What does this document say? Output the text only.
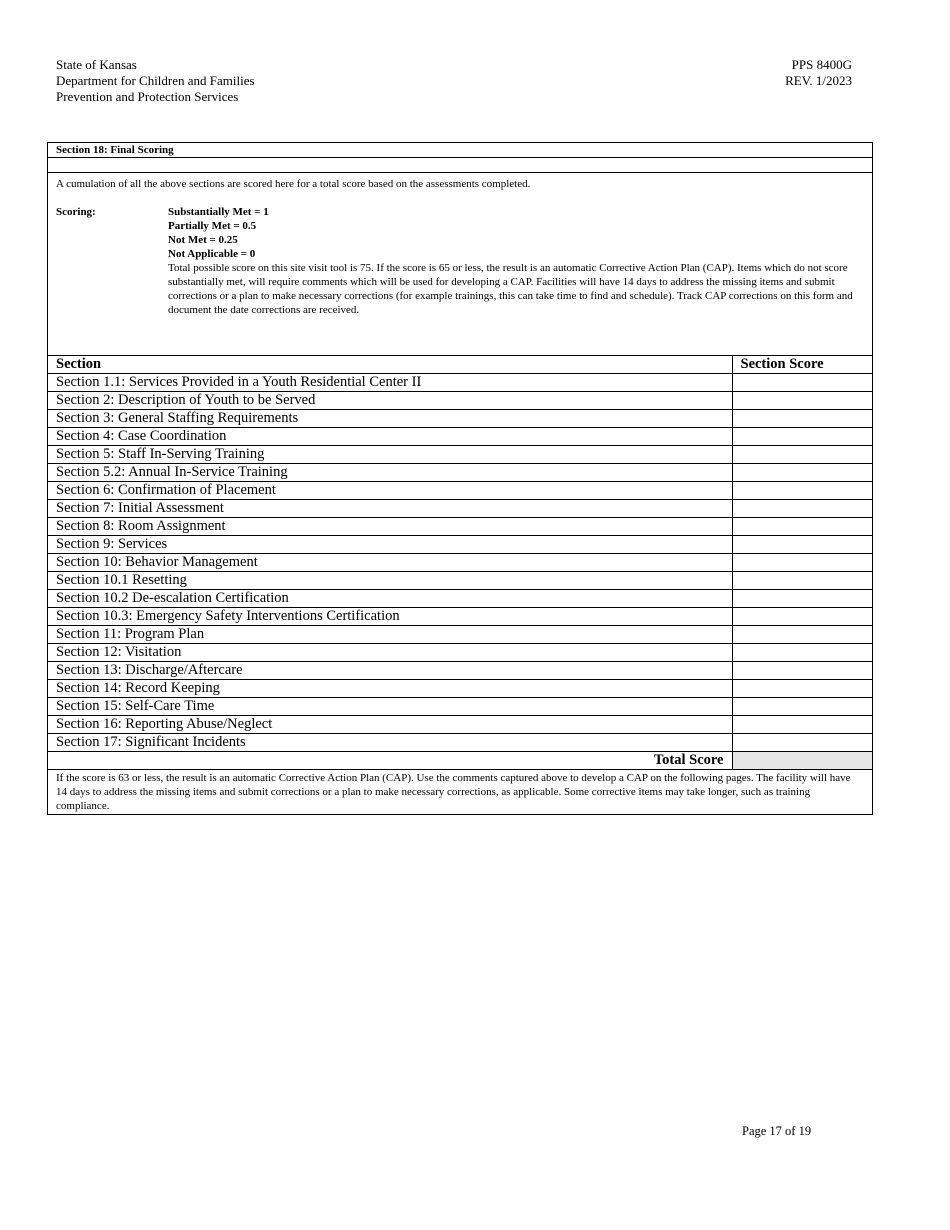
State of Kansas
Department for Children and Families
Prevention and Protection Services
PPS 8400G
REV. 1/2023
Section 18: Final Scoring

A cumulation of all the above sections are scored here for a total score based on the assessments completed.

Scoring:	Substantially Met = 1
Partially Met = 0.5
Not Met = 0.25
Not Applicable = 0

Total possible score on this site visit tool is 75. If the score is 65 or less, the result is an automatic Corrective Action Plan (CAP). Items which do not score substantially met, will require comments which will be used for developing a CAP. Facilities will have 14 days to address the missing items and submit corrections or a plan to make necessary corrections (for example trainings, this can take time to find and schedule). Track CAP corrections on this form and document the date corrections are received.

Section	Section Score
Section 1.1: Services Provided in a Youth Residential Center II	
Section 2: Description of Youth to be Served	
Section 3: General Staffing Requirements	
Section 4: Case Coordination	
Section 5: Staff In-Serving Training	
Section 5.2: Annual In-Service Training	
Section 6: Confirmation of Placement	
Section 7: Initial Assessment	
Section 8: Room Assignment	
Section 9: Services	
Section 10: Behavior Management	
Section 10.1 Resetting	
Section 10.2 De-escalation Certification	
Section 10.3: Emergency Safety Interventions Certification	
Section 11: Program Plan	
Section 12: Visitation	
Section 13: Discharge/Aftercare	
Section 14: Record Keeping	
Section 15: Self-Care Time	
Section 16: Reporting Abuse/Neglect	
Section 17: Significant Incidents	
Total Score	
If the score is 63 or less, the result is an automatic Corrective Action Plan (CAP). Use the comments captured above to develop a CAP on the following pages. The facility will have 14 days to address the missing items and submit corrections or a plan to make necessary corrections, as applicable. Some corrective items may take longer, such as training compliance.
Page 17 of 19
